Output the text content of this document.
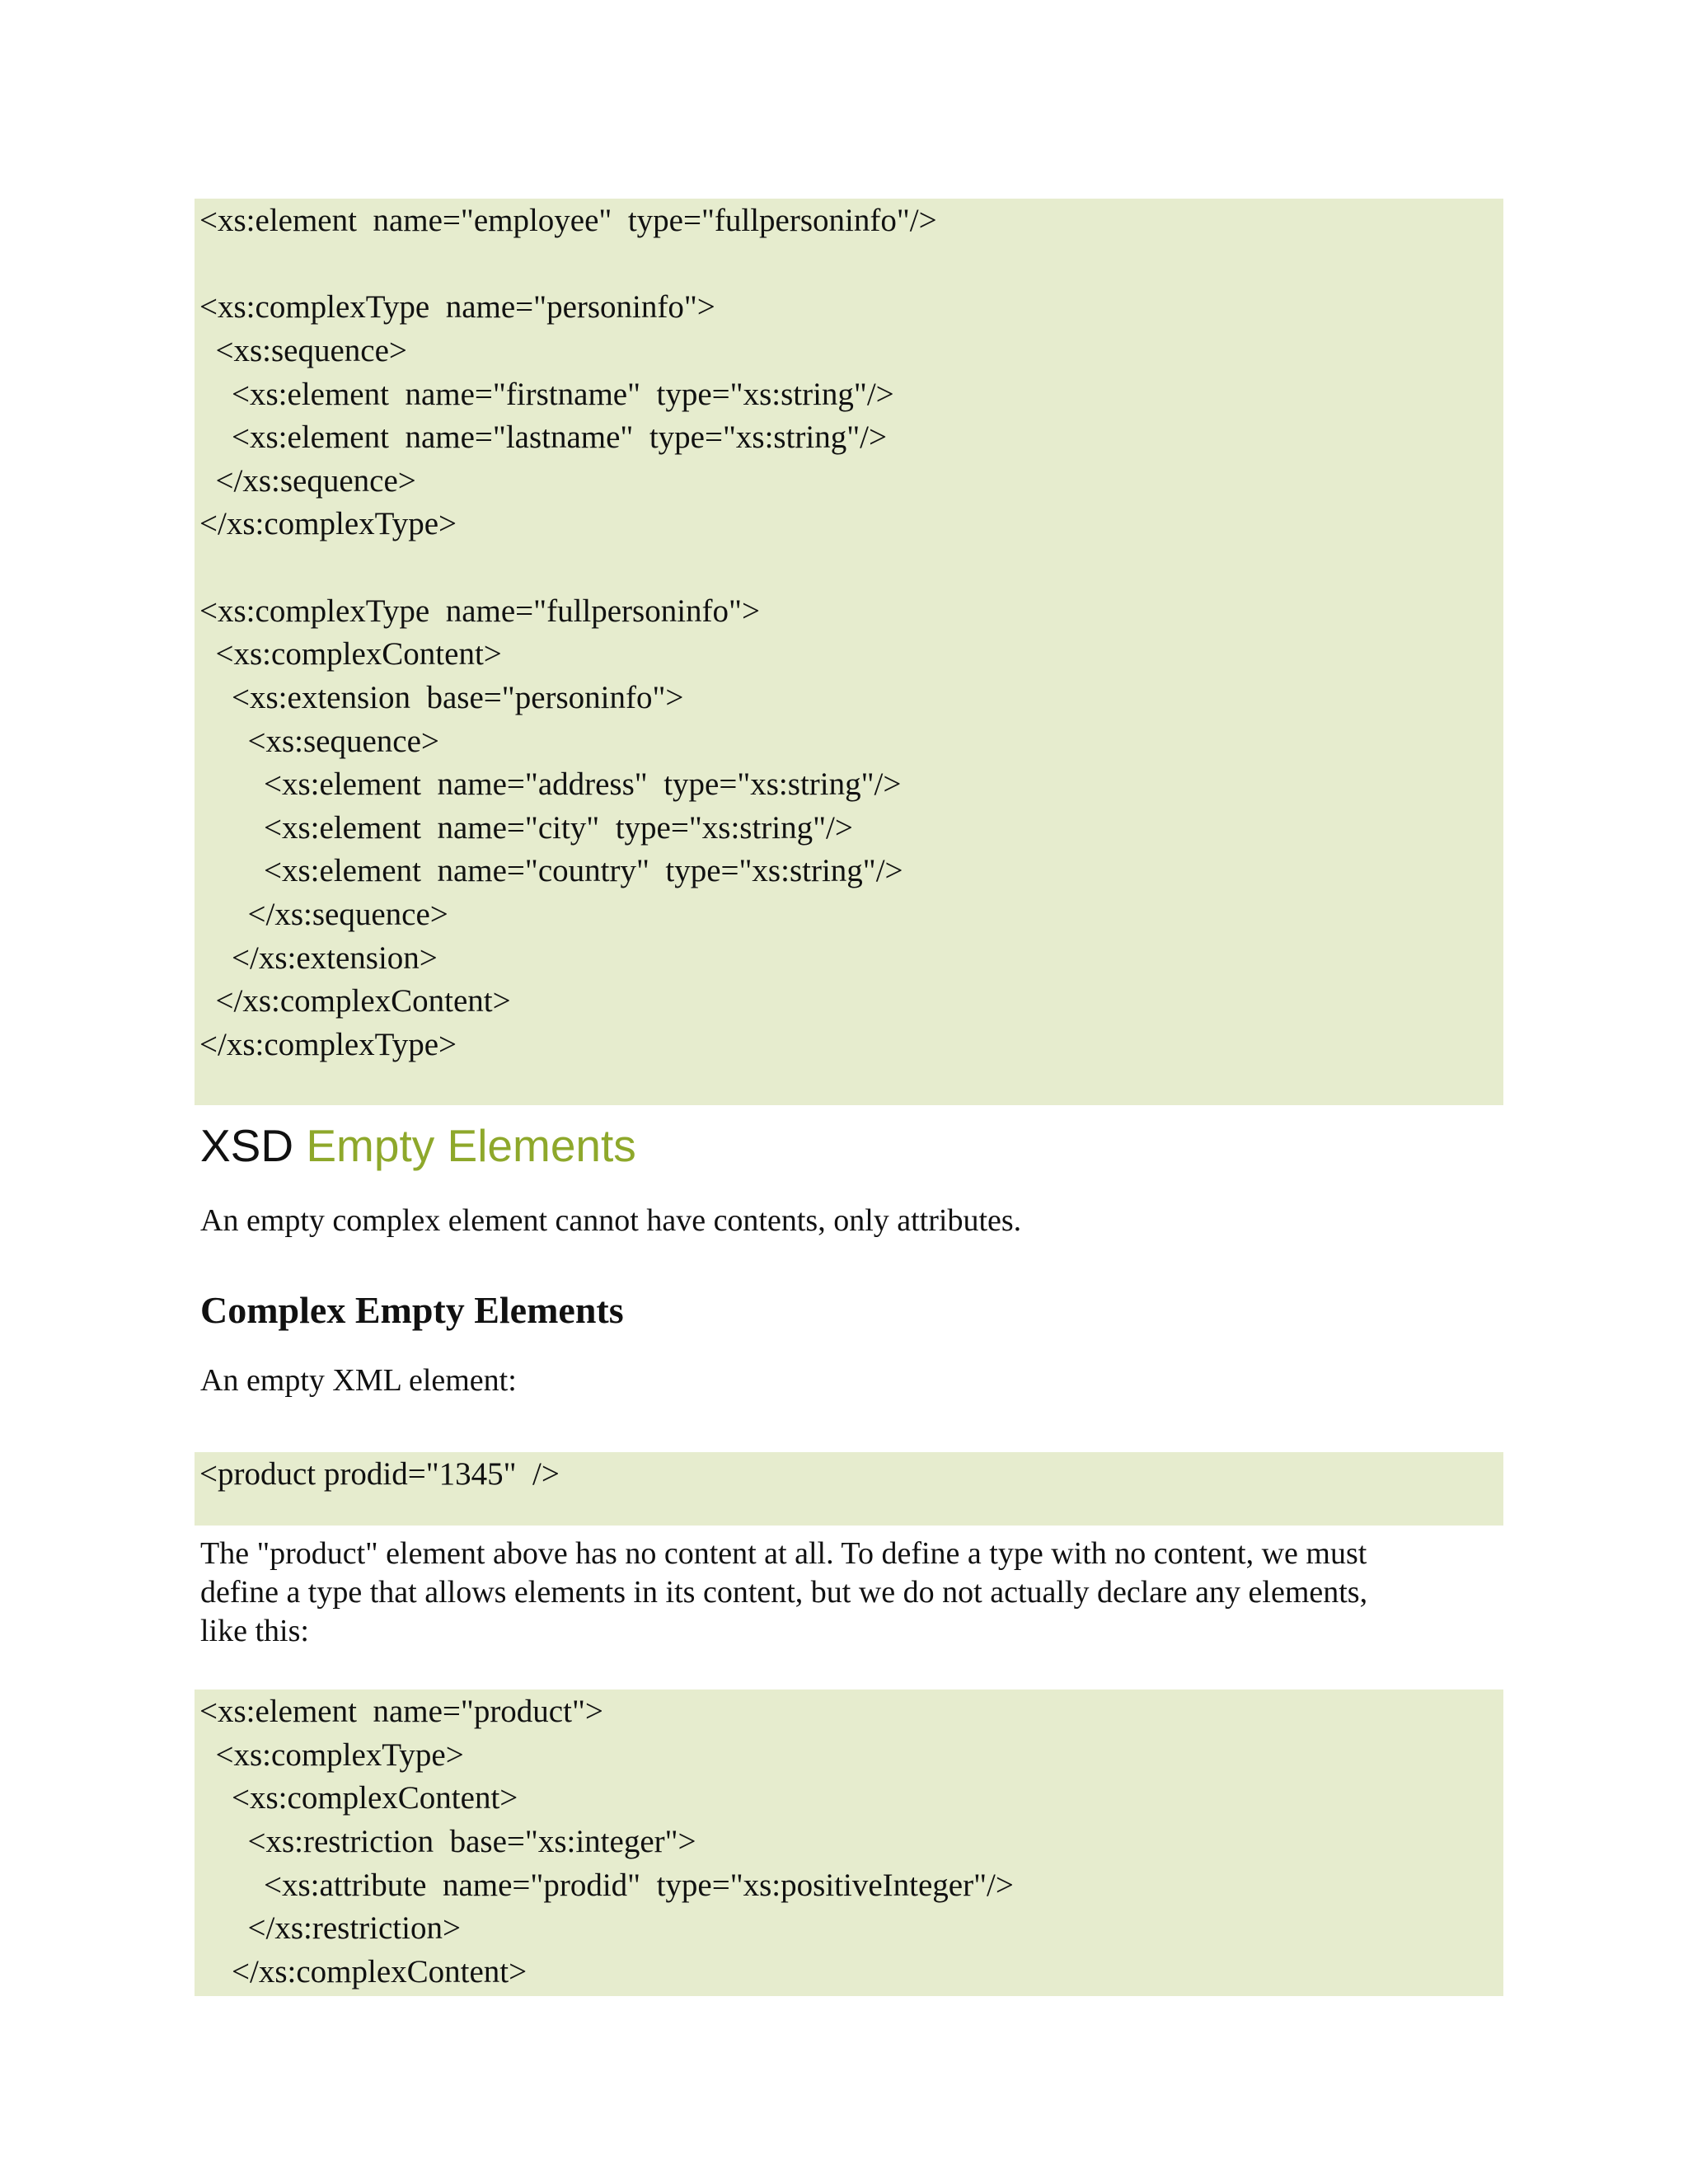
<xs:element  name="employee"  type="fullpersoninfo"/>
<xs:complexType  name="personinfo">
<xs:sequence>
<xs:element  name="firstname"  type="xs:string"/>
<xs:element  name="lastname"  type="xs:string"/>
</xs:sequence>
</xs:complexType>
<xs:complexType  name="fullpersoninfo">
<xs:complexContent>
<xs:extension  base="personinfo">
<xs:sequence>
<xs:element  name="address"  type="xs:string"/>
<xs:element  name="city"  type="xs:string"/>
<xs:element  name="country"  type="xs:string"/>
</xs:sequence>
</xs:extension>
</xs:complexContent>
</xs:complexType>
XSD Empty Elements
An empty complex element cannot have contents, only attributes.
Complex Empty Elements
An empty XML element:
<product prodid="1345"  />
The "product" element above has no content at all. To define a type with no content, we must
define a type that allows elements in its content, but we do not actually declare any elements,
like this:
<xs:element  name="product">
<xs:complexType>
<xs:complexContent>
<xs:restriction  base="xs:integer">
<xs:attribute  name="prodid"  type="xs:positiveInteger"/>
</xs:restriction>
</xs:complexContent>
